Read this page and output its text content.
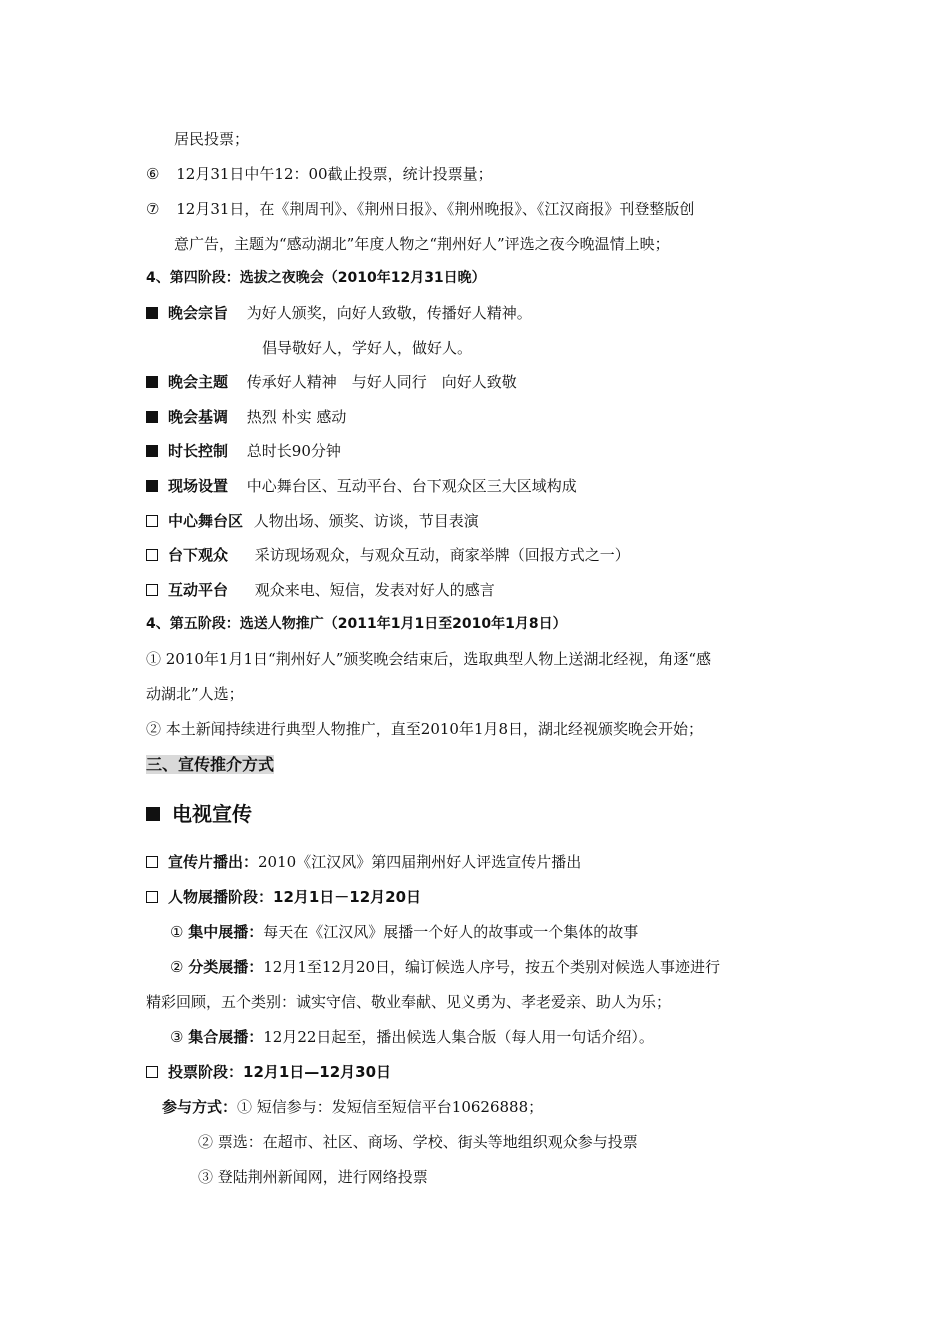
居民投票；
⑥ 12月31日中午12：00截止投票，统计投票量；
⑦ 12月31日，在《荆周刊》、《荆州日报》、《荆州晚报》、《江汉商报》刊登整版创
意广告，主题为“感动湖北”年度人物之“荆州好人”评选之夜今晚温情上映；
4、第四阶段：选拔之夜晚会（2010年12月31日晚）
晚会宗旨 为好人颁奖，向好人致敬，传播好人精神。
倡导敬好人，学好人，做好人。
晚会主题 传承好人精神　与好人同行　向好人致敬
晚会基调 热烈 朴实 感动
时长控制 总时长90分钟
现场设置 中心舞台区、互动平台、台下观众区三大区域构成
中心舞台区 人物出场、颁奖、访谈，节目表演
台下观众 采访现场观众，与观众互动，商家举牌（回报方式之一）
互动平台 观众来电、短信，发表对好人的感言
4、第五阶段：选送人物推广（2011年1月1日至2010年1月8日）
① 2010年1月1日“荆州好人”颁奖晚会结束后，选取典型人物上送湖北经视，角逐“感
动湖北”人选；
② 本土新闻持续进行典型人物推广，直至2010年1月8日，湖北经视颁奖晚会开始；
三、宣传推介方式
电视宣传
宣传片播出：2010《江汉风》第四届荆州好人评选宣传片播出
人物展播阶段：12月1日－12月20日
① 集中展播：每天在《江汉风》展播一个好人的故事或一个集体的故事
② 分类展播：12月1至12月20日，编订候选人序号，按五个类别对候选人事迹进行
精彩回顾，五个类别：诚实守信、敬业奉献、见义勇为、孝老爱亲、助人为乐；
③ 集合展播：12月22日起至，播出候选人集合版（每人用一句话介绍）。
投票阶段：12月1日—12月30日
参与方式：① 短信参与：发短信至短信平台10626888；
② 票选：在超市、社区、商场、学校、街头等地组织观众参与投票
③ 登陆荆州新闻网，进行网络投票
